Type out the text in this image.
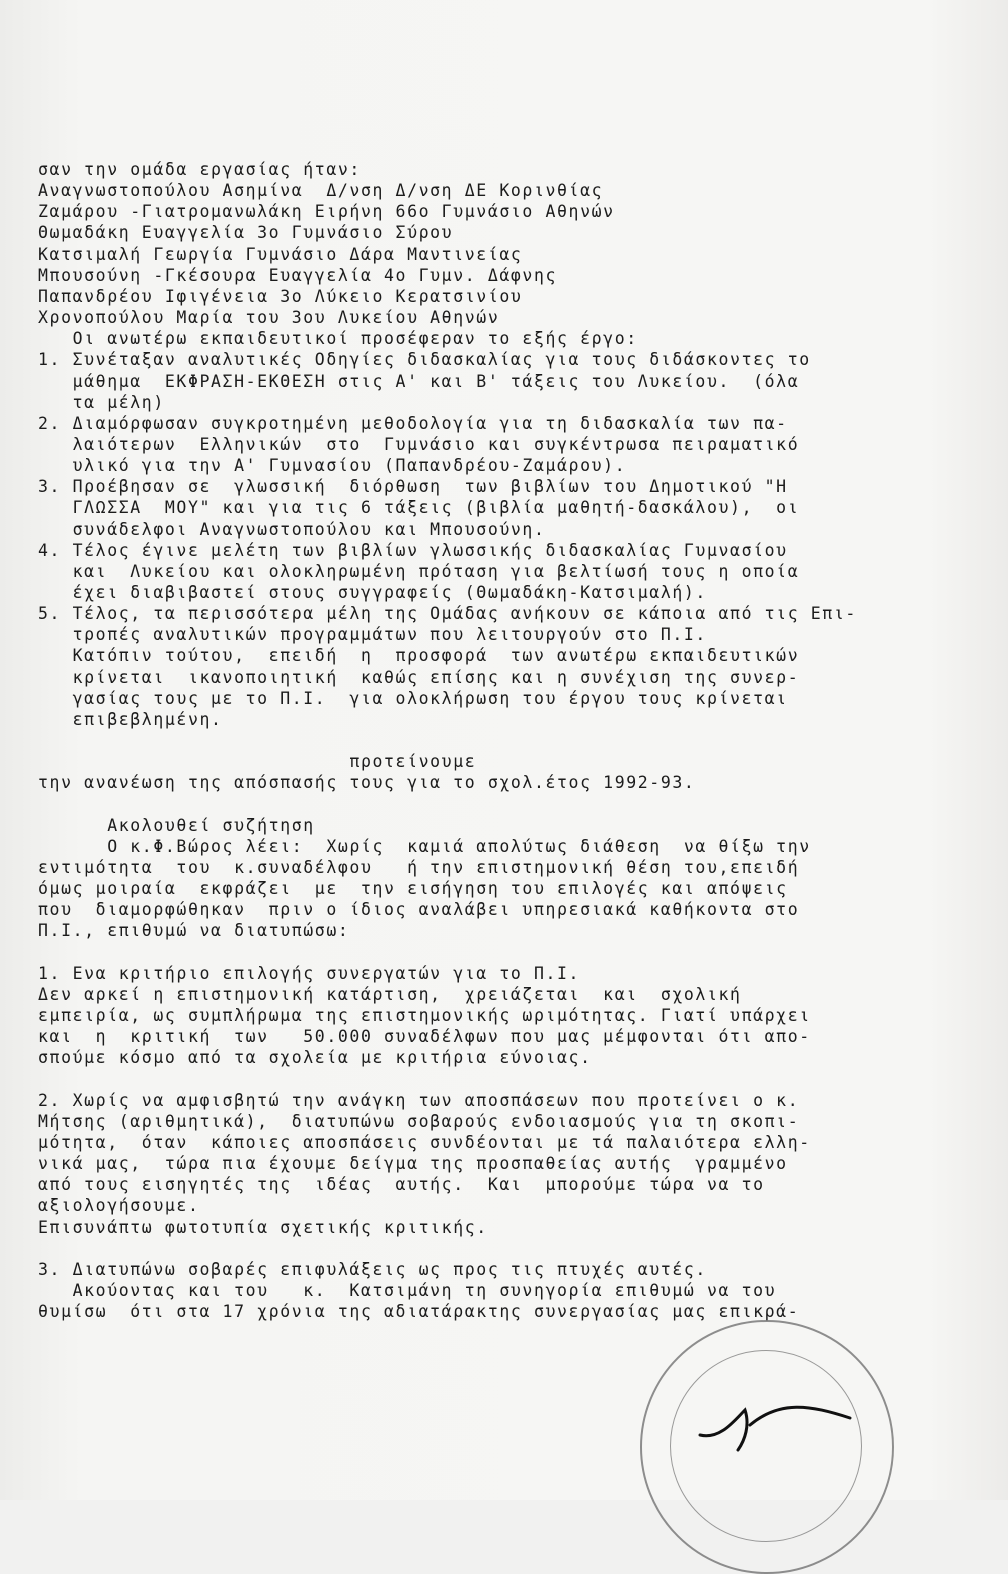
σαν την ομάδα εργασίας ήταν:
Αναγνωστοπούλου Ασημίνα  Δ/νση Δ/νση ΔΕ Κορινθίας
Ζαμάρου -Γιατρομανωλάκη Ειρήνη 66ο Γυμνάσιο Αθηνών
Θωμαδάκη Ευαγγελία 3ο Γυμνάσιο Σύρου
Κατσιμαλή Γεωργία Γυμνάσιο Δάρα Μαντινείας
Μπουσούνη -Γκέσουρα Ευαγγελία 4ο Γυμν. Δάφνης
Παπανδρέου Ιφιγένεια 3ο Λύκειο Κερατσινίου
Χρονοπούλου Μαρία του 3ου Λυκείου Αθηνών
Οι ανωτέρω εκπαιδευτικοί προσέφεραν το εξής έργο:
1. Συνέταξαν αναλυτικές Οδηγίες διδασκαλίας για τους διδάσκοντες το
μάθημα  ΕΚΦΡΑΣΗ-ΕΚΘΕΣΗ στις Α' και Β' τάξεις του Λυκείου.  (όλα
τα μέλη)
2. Διαμόρφωσαν συγκροτημένη μεθοδολογία για τη διδασκαλία των πα-
λαιότερων  Ελληνικών  στο  Γυμνάσιο και συγκέντρωσα πειραματικό
υλικό για την Α' Γυμνασίου (Παπανδρέου-Ζαμάρου).
3. Προέβησαν σε  γλωσσική  διόρθωση  των βιβλίων του Δημοτικού "Η
ΓΛΩΣΣΑ  ΜΟΥ" και για τις 6 τάξεις (βιβλία μαθητή-δασκάλου),  οι
συνάδελφοι Αναγνωστοπούλου και Μπουσούνη.
4. Τέλος έγινε μελέτη των βιβλίων γλωσσικής διδασκαλίας Γυμνασίου
και  Λυκείου και ολοκληρωμένη πρόταση για βελτίωσή τους η οποία
έχει διαβιβαστεί στους συγγραφείς (Θωμαδάκη-Κατσιμαλή).
5. Τέλος, τα περισσότερα μέλη της Ομάδας ανήκουν σε κάποια από τις Επι-
τροπές αναλυτικών προγραμμάτων που λειτουργούν στο Π.Ι.
Κατόπιν τούτου,  επειδή  η  προσφορά  των ανωτέρω εκπαιδευτικών
κρίνεται  ικανοποιητική  καθώς επίσης και η συνέχιση της συνερ-
γασίας τους με το Π.Ι.  για ολοκλήρωση του έργου τους κρίνεται
επιβεβλημένη.
προτείνουμε
την ανανέωση της απόσπασής τους για το σχολ.έτος 1992-93.
Ακολουθεί συζήτηση
Ο κ.Φ.Βώρος λέει:  Χωρίς  καμιά απολύτως διάθεση  να θίξω την
εντιμότητα  του  κ.συναδέλφου   ή την επιστημονική θέση του,επειδή
όμως μοιραία  εκφράζει  με  την εισήγηση του επιλογές και απόψεις
που  διαμορφώθηκαν  πριν ο ίδιος αναλάβει υπηρεσιακά καθήκοντα στο
Π.Ι., επιθυμώ να διατυπώσω:
1. Ενα κριτήριο επιλογής συνεργατών για το Π.Ι.
Δεν αρκεί η επιστημονική κατάρτιση,  χρειάζεται  και  σχολική
εμπειρία, ως συμπλήρωμα της επιστημονικής ωριμότητας. Γιατί υπάρχει
και  η  κριτική  των   50.000 συναδέλφων που μας μέμφονται ότι απο-
σπούμε κόσμο από τα σχολεία με κριτήρια εύνοιας.
2. Χωρίς να αμφισβητώ την ανάγκη των αποσπάσεων που προτείνει ο κ.
Μήτσης (αριθμητικά),  διατυπώνω σοβαρούς ενδοιασμούς για τη σκοπι-
μότητα,  όταν  κάποιες αποσπάσεις συνδέονται με τά παλαιότερα ελλη-
νικά μας,  τώρα πια έχουμε δείγμα της προσπαθείας αυτής  γραμμένο
από τους εισηγητές της  ιδέας  αυτής.  Και  μπορούμε τώρα να το
αξιολογήσουμε.
Επισυνάπτω φωτοτυπία σχετικής κριτικής.
3. Διατυπώνω σοβαρές επιφυλάξεις ως προς τις πτυχές αυτές.
Ακούοντας και του   κ.  Κατσιμάνη τη συνηγορία επιθυμώ να του
θυμίσω  ότι στα 17 χρόνια της αδιατάρακτης συνεργασίας μας επικρά-
